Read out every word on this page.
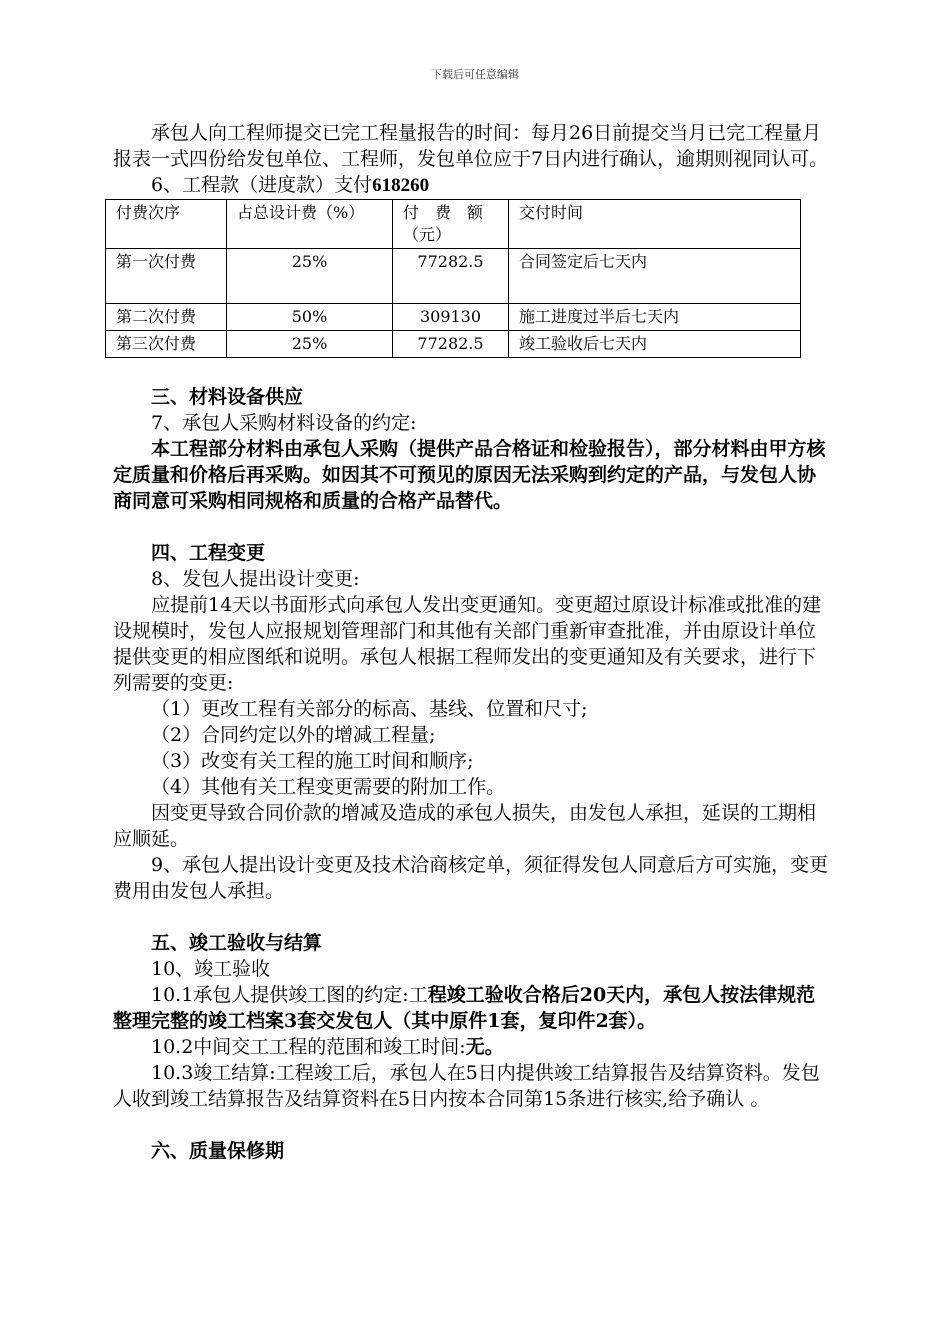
下载后可任意编辑

承包人向工程师提交已完工程量报告的时间：每月26日前提交当月已完工程量月报表一式四份给发包单位、工程师，发包单位应于7日内进行确认，逾期则视同认可。

6、工程款（进度款）支付618260

付费次序	占总设计费（%）	付　费　额（元）	交付时间
第一次付费	25%	77282.5	合同签定后七天内
第二次付费	50%	309130	施工进度过半后七天内
第三次付费	25%	77282.5	竣工验收后七天内

三、材料设备供应

7、承包人采购材料设备的约定:

本工程部分材料由承包人采购（提供产品合格证和检验报告），部分材料由甲方核定质量和价格后再采购。如因其不可预见的原因无法采购到约定的产品，与发包人协商同意可采购相同规格和质量的合格产品替代。

四、工程变更

8、发包人提出设计变更:

应提前14天以书面形式向承包人发出变更通知。变更超过原设计标准或批准的建设规模时，发包人应报规划管理部门和其他有关部门重新审查批准，并由原设计单位提供变更的相应图纸和说明。承包人根据工程师发出的变更通知及有关要求，进行下列需要的变更:

（1）更改工程有关部分的标高、基线、位置和尺寸;

（2）合同约定以外的增减工程量;

（3）改变有关工程的施工时间和顺序;

（4）其他有关工程变更需要的附加工作。

因变更导致合同价款的增减及造成的承包人损失，由发包人承担，延误的工期相应顺延。

9、承包人提出设计变更及技术洽商核定单，须征得发包人同意后方可实施，变更费用由发包人承担。

五、竣工验收与结算

10、竣工验收

10.1承包人提供竣工图的约定:工程竣工验收合格后20天内，承包人按法律规范整理完整的竣工档案3套交发包人（其中原件1套，复印件2套）。

10.2中间交工工程的范围和竣工时间:无。

10.3竣工结算:工程竣工后，承包人在5日内提供竣工结算报告及结算资料。发包人收到竣工结算报告及结算资料在5日内按本合同第15条进行核实,给予确认 。

六、质量保修期
